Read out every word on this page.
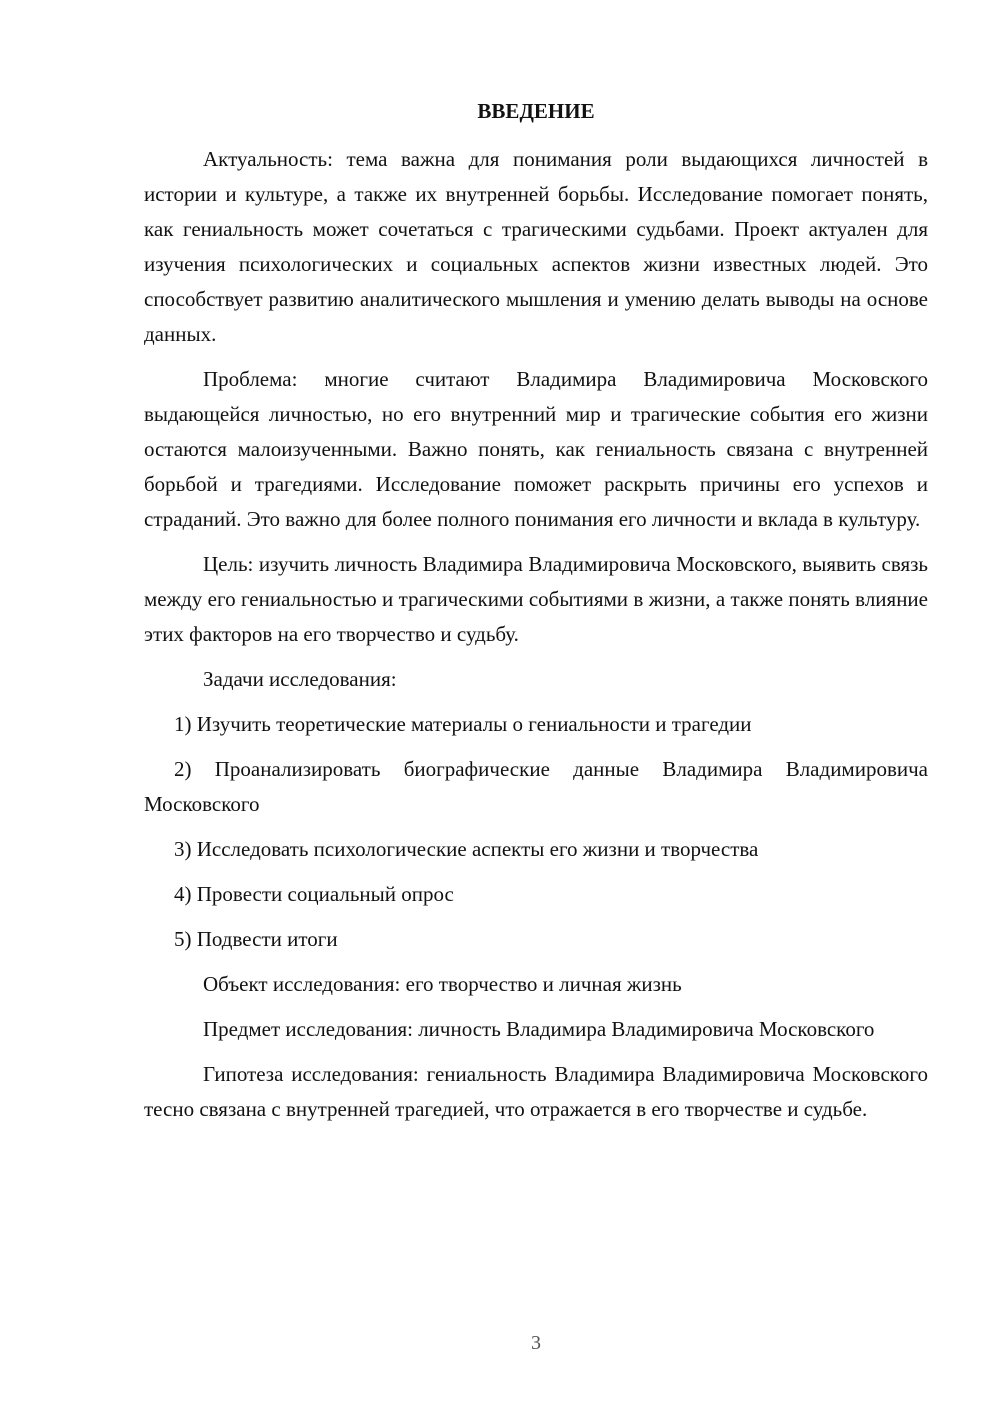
ВВЕДЕНИЕ

Актуальность: тема важна для понимания роли выдающихся личностей в истории и культуре, а также их внутренней борьбы. Исследование помогает понять, как гениальность может сочетаться с трагическими судьбами. Проект актуален для изучения психологических и социальных аспектов жизни известных людей. Это способствует развитию аналитического мышления и умению делать выводы на основе данных.

Проблема: многие считают Владимира Владимировича Московского выдающейся личностью, но его внутренний мир и трагические события его жизни остаются малоизученными. Важно понять, как гениальность связана с внутренней борьбой и трагедиями. Исследование поможет раскрыть причины его успехов и страданий. Это важно для более полного понимания его личности и вклада в культуру.

Цель: изучить личность Владимира Владимировича Московского, выявить связь между его гениальностью и трагическими событиями в жизни, а также понять влияние этих факторов на его творчество и судьбу.

Задачи исследования:

1) Изучить теоретические материалы о гениальности и трагедии

2) Проанализировать биографические данные Владимира Владимировича Московского

3) Исследовать психологические аспекты его жизни и творчества

4) Провести социальный опрос

5) Подвести итоги

Объект исследования: его творчество и личная жизнь

Предмет исследования: личность Владимира Владимировича Московского

Гипотеза исследования: гениальность Владимира Владимировича Московского тесно связана с внутренней трагедией, что отражается в его творчестве и судьбе.

3
